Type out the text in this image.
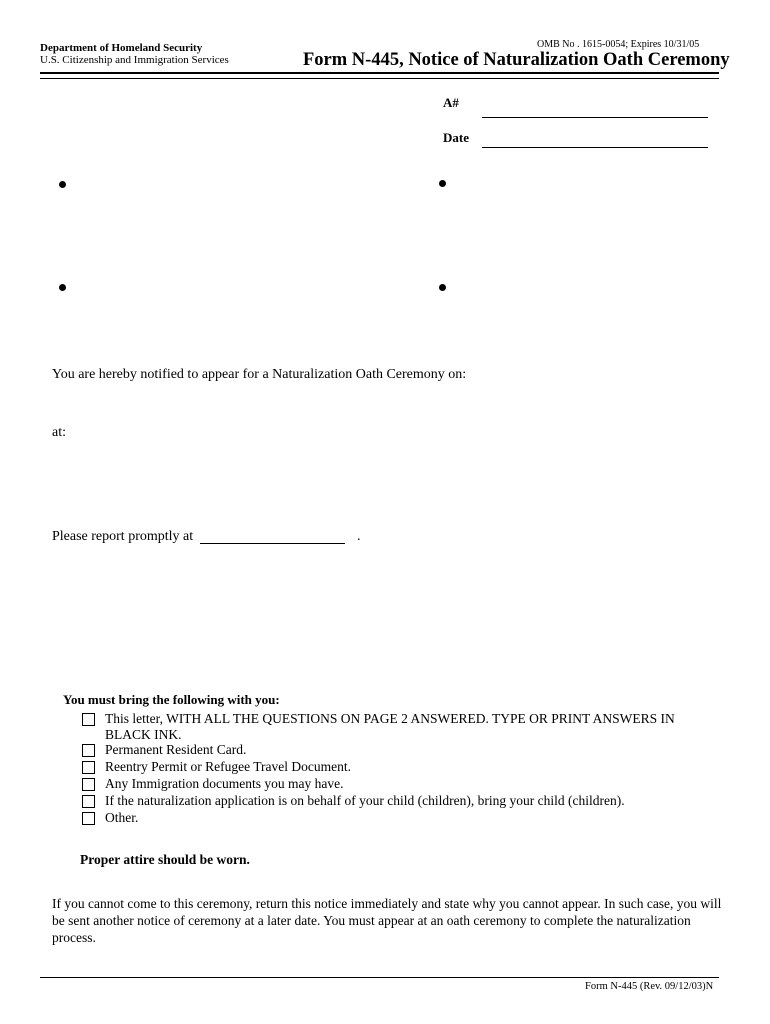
Department of Homeland Security
U.S. Citizenship and Immigration Services
OMB No . 1615-0054; Expires 10/31/05
Form N-445, Notice of Naturalization Oath Ceremony
A#
Date
You are hereby notified to appear for a Naturalization Oath Ceremony on:
at:
Please report promptly at	.
You must bring the following with you:
This letter, WITH ALL THE QUESTIONS ON PAGE 2 ANSWERED. TYPE OR PRINT ANSWERS IN
BLACK INK.
Permanent Resident Card.
Reentry Permit or Refugee Travel Document.
Any Immigration documents you may have.
If the naturalization application is on behalf of your child (children), bring your child (children).
Other.
Proper attire should be worn.
If you cannot come to this ceremony, return this notice immediately and state why you cannot appear. In such case, you will be sent another notice of ceremony at a later date. You must appear at an oath ceremony to complete the naturalization process.
Form N-445 (Rev. 09/12/03)N
